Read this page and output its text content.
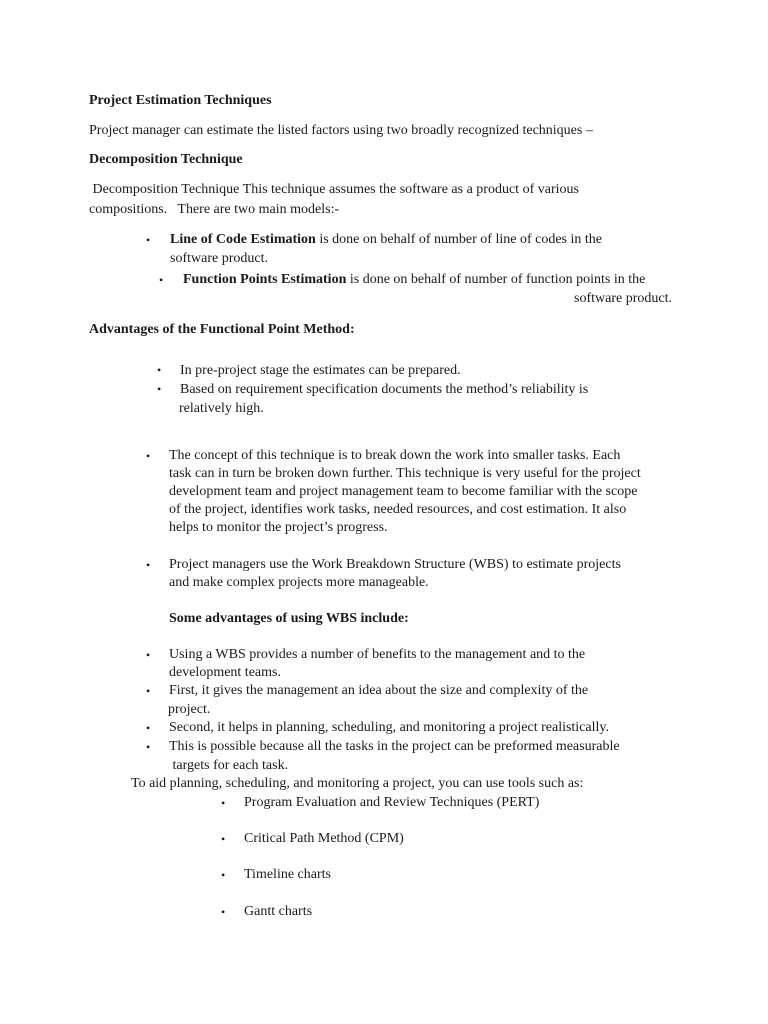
Project Estimation Techniques
Project manager can estimate the listed factors using two broadly recognized techniques –
Decomposition Technique
Decomposition Technique This technique assumes the software as a product of various
compositions.   There are two main models:-
• Line of Code Estimation is done on behalf of number of line of codes in the
software product.
• Function Points Estimation is done on behalf of number of function points in the
software product.
Advantages of the Functional Point Method:
• In pre-project stage the estimates can be prepared.
• Based on requirement specification documents the method’s reliability is
relatively high.
• The concept of this technique is to break down the work into smaller tasks. Each
task can in turn be broken down further. This technique is very useful for the project
development team and project management team to become familiar with the scope
of the project, identifies work tasks, needed resources, and cost estimation. It also
helps to monitor the project’s progress.
• Project managers use the Work Breakdown Structure (WBS) to estimate projects
and make complex projects more manageable.
Some advantages of using WBS include:
• Using a WBS provides a number of benefits to the management and to the
development teams.
• First, it gives the management an idea about the size and complexity of the
project.
• Second, it helps in planning, scheduling, and monitoring a project realistically.
• This is possible because all the tasks in the project can be preformed measurable
targets for each task.
To aid planning, scheduling, and monitoring a project, you can use tools such as:
• Program Evaluation and Review Techniques (PERT)
• Critical Path Method (CPM)
• Timeline charts
• Gantt charts
